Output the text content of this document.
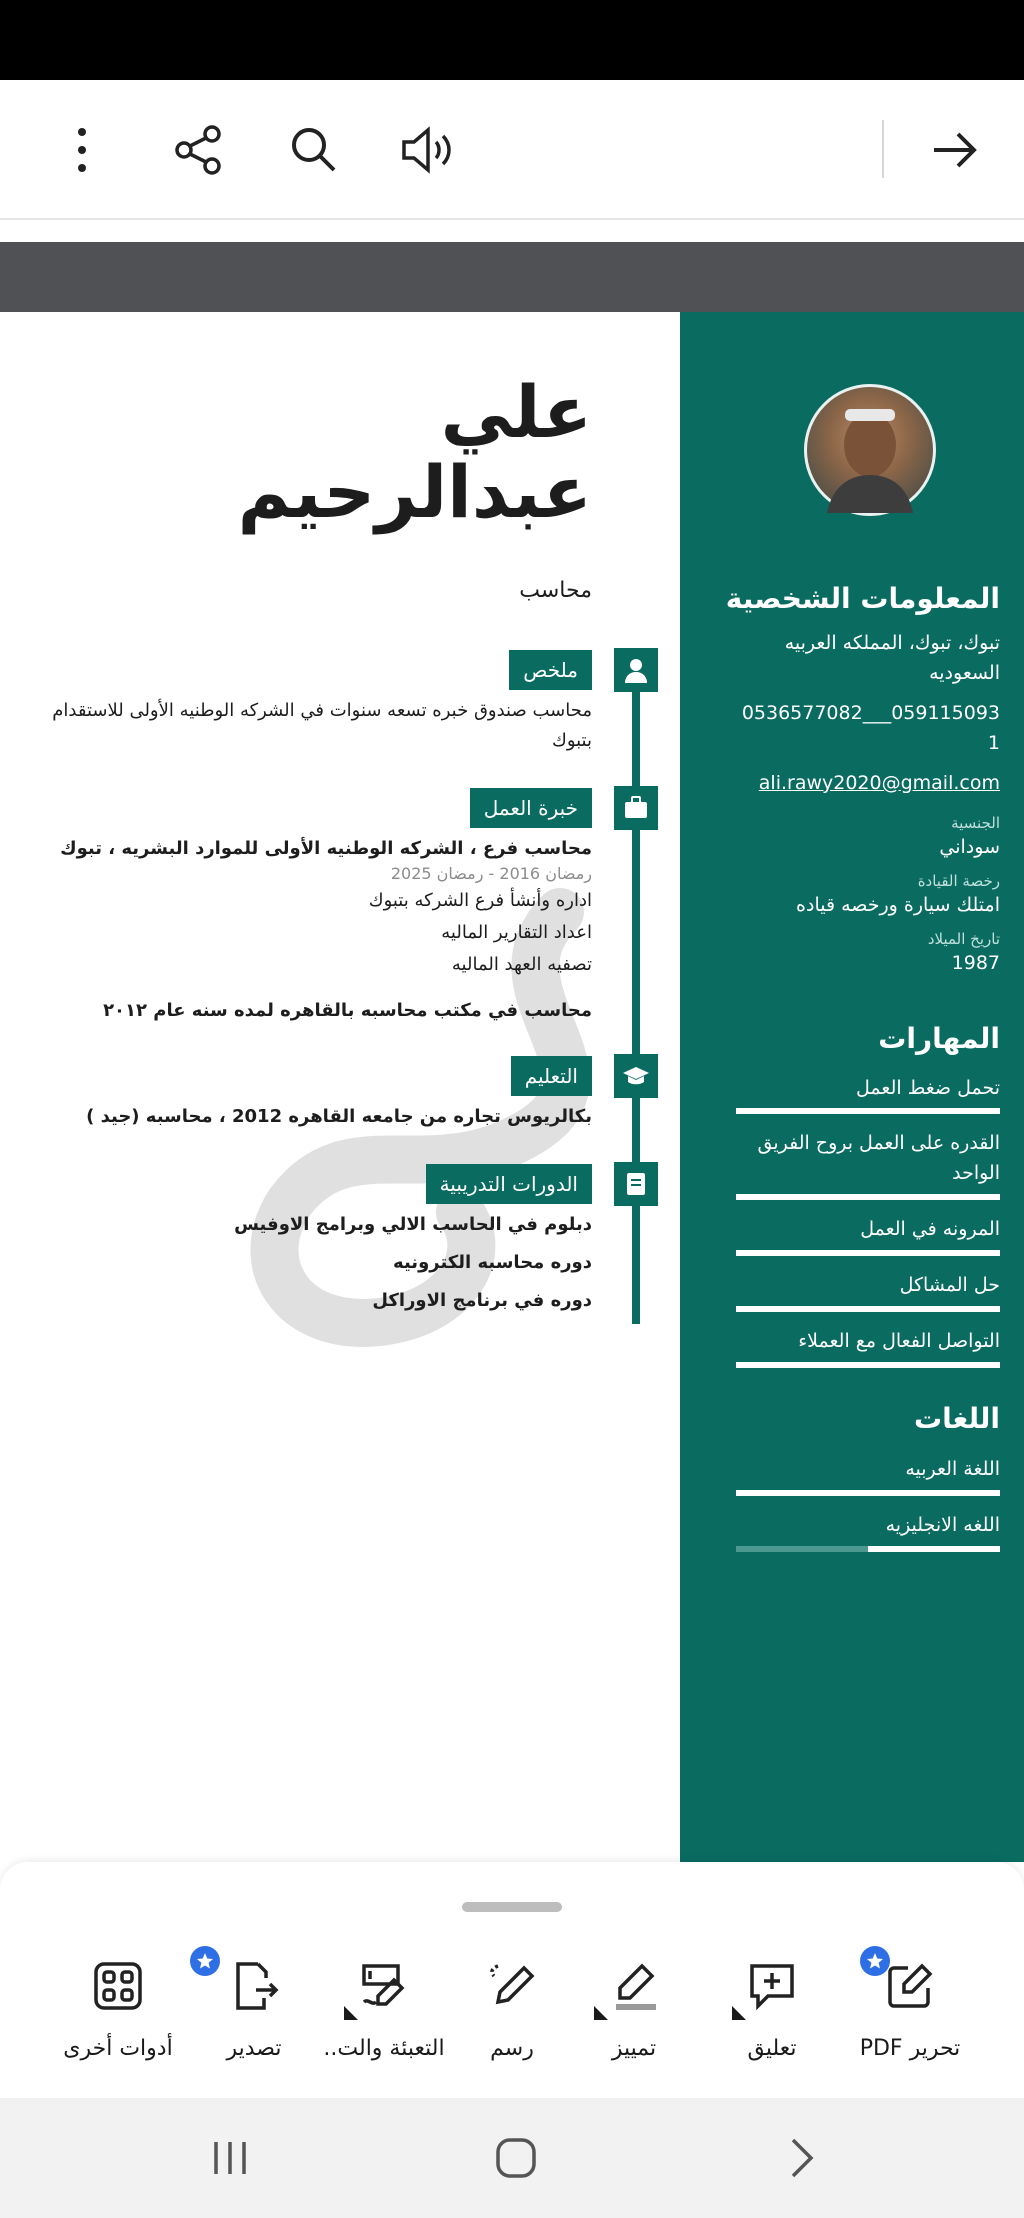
المعلومات الشخصية
تبوك، تبوك، المملكه العربيه
السعوديه
0536577082___059115093
1
ali.rawy2020@gmail.com
الجنسية
سوداني
رخصة القيادة
امتلك سيارة ورخصه قياده
تاريخ الميلاد
1987
المهارات
تحمل ضغط العمل
القدره على العمل بروح الفريق
الواحد
المرونه في العمل
حل المشاكل
التواصل الفعال مع العملاء
اللغات
اللغة العربيه
اللغه الانجليزيه
علي
عبدالرحيم
محاسب
ملخص
محاسب صندوق خبره تسعه سنوات في الشركه الوطنيه الأولى للاستقدام
بتبوك
خبرة العمل
محاسب فرع ، الشركه الوطنيه الأولى للموارد البشريه ، تبوك
رمضان 2016 - رمضان 2025
اداره وأنشأ فرع الشركه بتبوك
اعداد التقارير الماليه
تصفيه العهد الماليه
محاسب في مكتب محاسبه بالقاهره لمده سنه عام ٢٠١٢
التعليم
بكالريوس تجاره من جامعه القاهره 2012 ، محاسبه (جيد )
الدورات التدريبية
دبلوم في الحاسب الالي وبرامج الاوفيس
دوره محاسبه الكترونيه
دوره في برنامج الاوراكل
تحرير PDF
تعليق
تمييز
رسم
التعبئة والت..
تصدير
أدوات أخرى
